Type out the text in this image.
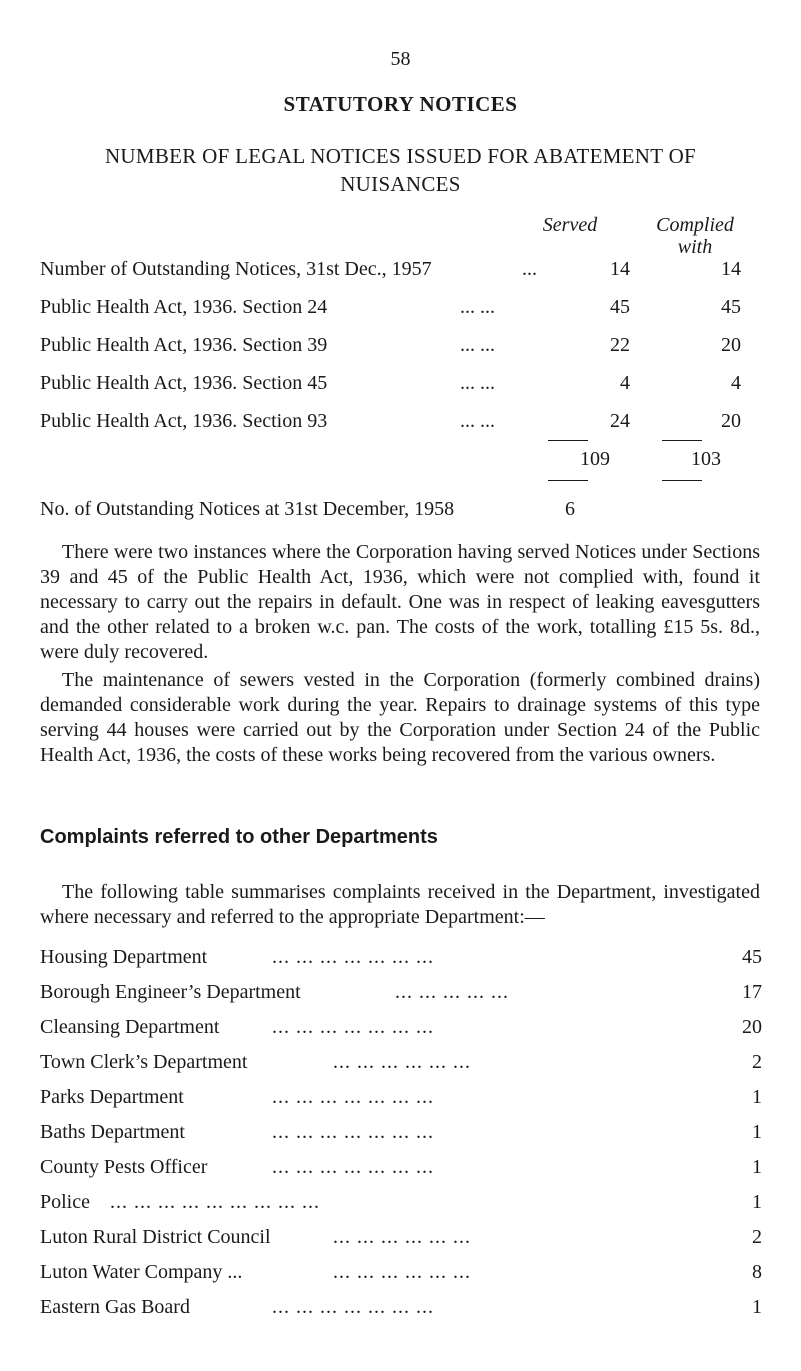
58
STATUTORY NOTICES
NUMBER OF LEGAL NOTICES ISSUED FOR ABATEMENT OF
NUISANCES
Served	Complied
with
Number of Outstanding Notices, 31st Dec., 1957	...	14	14
Public Health Act, 1936. Section 24	... ...	45	45
Public Health Act, 1936. Section 39	... ...	22	20
Public Health Act, 1936. Section 45	... ...	4	4
Public Health Act, 1936. Section 93	... ...	24	20
109	103
No. of Outstanding Notices at 31st December, 1958	6

There were two instances where the Corporation having served Notices under Sections 39 and 45 of the Public Health Act, 1936, which were not complied with, found it necessary to carry out the repairs in default. One was in respect of leaking eavesgutters and the other related to a broken w.c. pan. The costs of the work, totalling £15 5s. 8d., were duly recovered.

The maintenance of sewers vested in the Corporation (formerly combined drains) demanded considerable work during the year. Repairs to drainage systems of this type serving 44 houses were carried out by the Corporation under Section 24 of the Public Health Act, 1936, the costs of these works being recovered from the various owners.

Complaints referred to other Departments

The following table summarises complaints received in the Department, investigated where necessary and referred to the appropriate Department:—

Housing Department	... ... ... ... ... ... ...	45
Borough Engineer’s Department	... ... ... ... ...	17
Cleansing Department	... ... ... ... ... ... ...	20
Town Clerk’s Department	... ... ... ... ... ...	2
Parks Department	... ... ... ... ... ... ...	1
Baths Department	... ... ... ... ... ... ...	1
County Pests Officer	... ... ... ... ... ... ...	1
Police ... ... ... ... ... ... ... ... ...	1
Luton Rural District Council	... ... ... ... ... ...	2
Luton Water Company ...	... ... ... ... ... ...	8
Eastern Gas Board	... ... ... ... ... ... ...	1
